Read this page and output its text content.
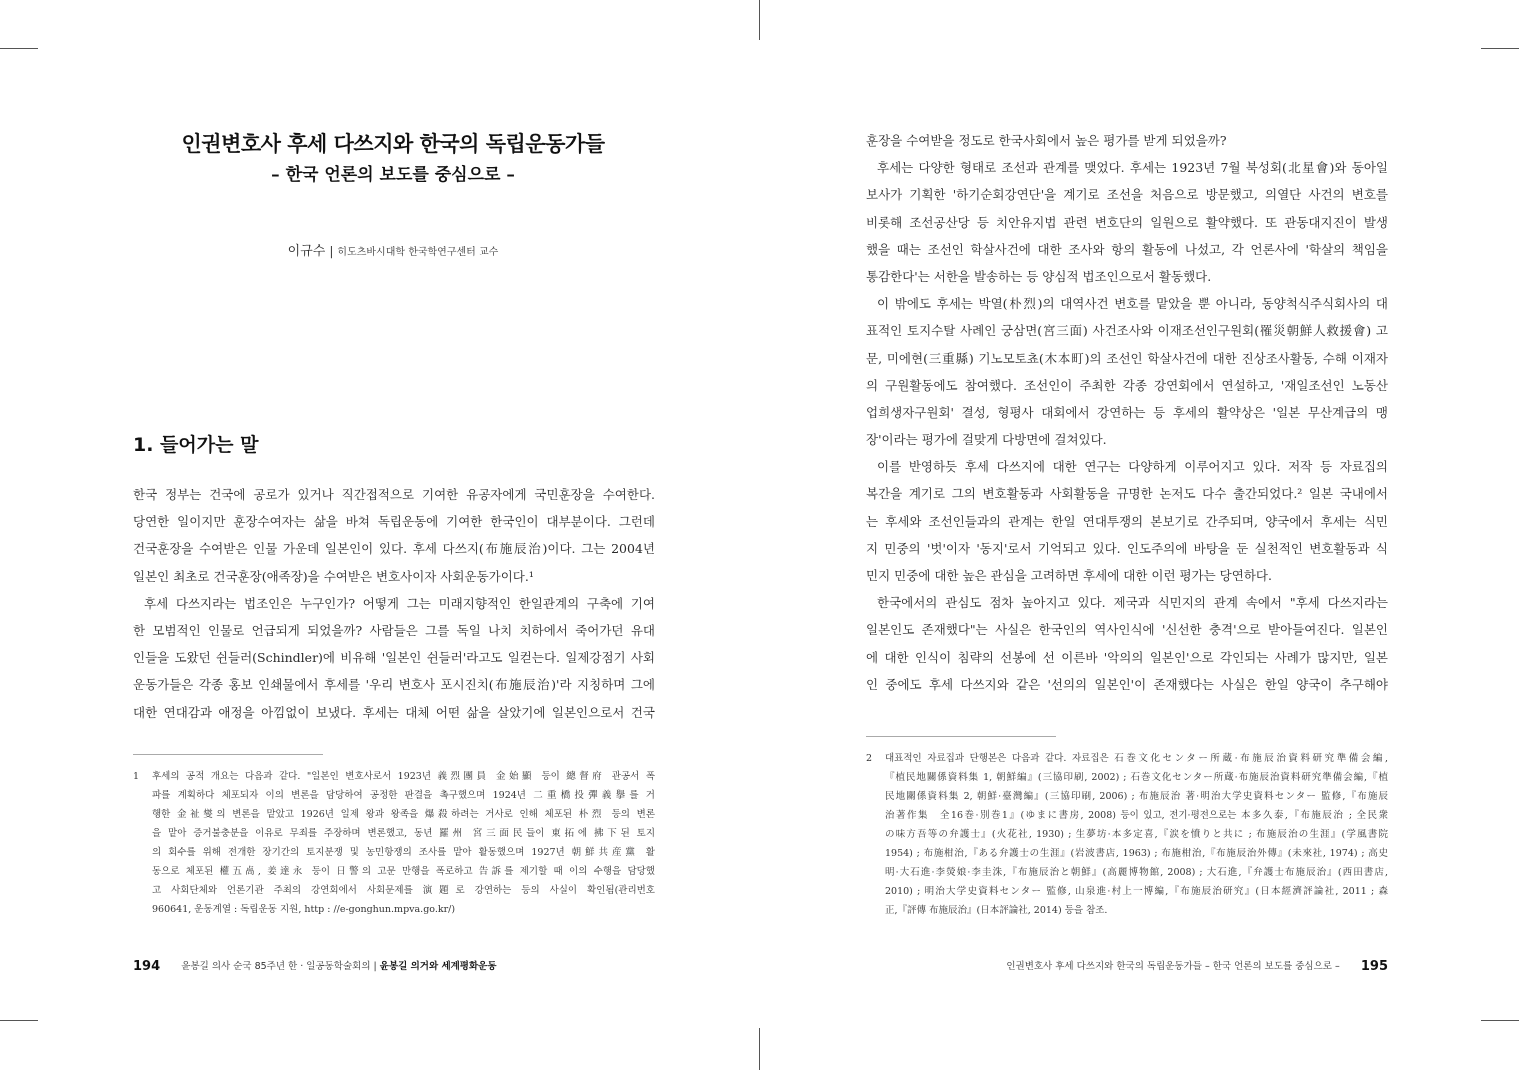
인권변호사 후세 다쓰지와 한국의 독립운동가들
– 한국 언론의 보도를 중심으로 –
이규수 | 히도츠바시대학 한국학연구센터 교수
1. 들어가는 말
한국 정부는 건국에 공로가 있거나 직간접적으로 기여한 유공자에게 국민훈장을 수여한다.
당연한 일이지만 훈장수여자는 삶을 바쳐 독립운동에 기여한 한국인이 대부분이다. 그런데
건국훈장을 수여받은 인물 가운데 일본인이 있다. 후세 다쓰지(布施辰治)이다. 그는 2004년
일본인 최초로 건국훈장(애족장)을 수여받은 변호사이자 사회운동가이다.¹
후세 다쓰지라는 법조인은 누구인가? 어떻게 그는 미래지향적인 한일관계의 구축에 기여
한 모범적인 인물로 언급되게 되었을까? 사람들은 그를 독일 나치 치하에서 죽어가던 유대
인들을 도왔던 쉰들러(Schindler)에 비유해 '일본인 쉰들러'라고도 일컫는다. 일제강점기 사회
운동가들은 각종 홍보 인쇄물에서 후세를 '우리 변호사 포시진치(布施辰治)'라 지칭하며 그에
대한 연대감과 애정을 아낌없이 보냈다. 후세는 대체 어떤 삶을 살았기에 일본인으로서 건국
1 후세의 공적 개요는 다음과 같다. "일본인 변호사로서 1923년 義烈團員 金始顯 등이 總督府 관공서 폭
파를 계획하다 체포되자 이의 변론을 담당하여 공정한 판결을 촉구했으며 1924년 二重橋投彈義擧를 거
행한 金祉燮의 변론을 맡았고 1926년 일제 왕과 왕족을 爆殺하려는 거사로 인해 체포된 朴烈 등의 변론
을 맡아 증거불충분을 이유로 무죄를 주장하며 변론했고, 동년 羅州 宮三面民들이 東拓에 拂下된 토지
의 회수를 위해 전개한 장기간의 토지분쟁 및 농민항쟁의 조사를 맡아 활동했으며 1927년 朝鮮共産黨 활
동으로 체포된 權五卨, 姜達永 등이 日警의 고문 만행을 폭로하고 告訴를 제기할 때 이의 수행을 담당했
고 사회단체와 언론기관 주최의 강연회에서 사회문제를 演題로 강연하는 등의 사실이 확인됨(관리번호
960641, 운동계열 : 독립운동 지원, http : //e-gonghun.mpva.go.kr/)
194 윤봉길 의사 순국 85주년 한 · 일공동학술회의 | 윤봉길 의거와 세계평화운동
훈장을 수여받을 정도로 한국사회에서 높은 평가를 받게 되었을까?
후세는 다양한 형태로 조선과 관계를 맺었다. 후세는 1923년 7월 북성회(北星會)와 동아일
보사가 기획한 '하기순회강연단'을 계기로 조선을 처음으로 방문했고, 의열단 사건의 변호를
비롯해 조선공산당 등 치안유지법 관련 변호단의 일원으로 활약했다. 또 관동대지진이 발생
했을 때는 조선인 학살사건에 대한 조사와 항의 활동에 나섰고, 각 언론사에 '학살의 책임을
통감한다'는 서한을 발송하는 등 양심적 법조인으로서 활동했다.
이 밖에도 후세는 박열(朴烈)의 대역사건 변호를 맡았을 뿐 아니라, 동양척식주식회사의 대
표적인 토지수탈 사례인 궁삼면(宮三面) 사건조사와 이재조선인구원회(罹災朝鮮人救援會) 고
문, 미에현(三重縣) 기노모토쵸(木本町)의 조선인 학살사건에 대한 진상조사활동, 수해 이재자
의 구원활동에도 참여했다. 조선인이 주최한 각종 강연회에서 연설하고, '재일조선인 노동산
업희생자구원회' 결성, 형평사 대회에서 강연하는 등 후세의 활약상은 '일본 무산계급의 맹
장'이라는 평가에 걸맞게 다방면에 걸쳐있다.
이를 반영하듯 후세 다쓰지에 대한 연구는 다양하게 이루어지고 있다. 저작 등 자료집의
복간을 계기로 그의 변호활동과 사회활동을 규명한 논저도 다수 출간되었다.² 일본 국내에서
는 후세와 조선인들과의 관계는 한일 연대투쟁의 본보기로 간주되며, 양국에서 후세는 식민
지 민중의 '벗'이자 '동지'로서 기억되고 있다. 인도주의에 바탕을 둔 실천적인 변호활동과 식
민지 민중에 대한 높은 관심을 고려하면 후세에 대한 이런 평가는 당연하다.
한국에서의 관심도 점차 높아지고 있다. 제국과 식민지의 관계 속에서 "후세 다쓰지라는
일본인도 존재했다"는 사실은 한국인의 역사인식에 '신선한 충격'으로 받아들여진다. 일본인
에 대한 인식이 침략의 선봉에 선 이른바 '악의의 일본인'으로 각인되는 사례가 많지만, 일본
인 중에도 후세 다쓰지와 같은 '선의의 일본인'이 존재했다는 사실은 한일 양국이 추구해야
2 대표적인 자료집과 단행본은 다음과 같다. 자료집은 石巻文化センター所蔵·布施辰治資料研究準備会編,
『植民地關係資料集 1, 朝鮮編』(三協印刷, 2002) ; 石巻文化センター所蔵·布施辰治資料研究準備会編,『植
民地關係資料集 2, 朝鮮·臺灣編』(三協印刷, 2006) ; 布施辰治 著·明治大学史資料センター 監修,『布施辰
治著作集　全16巻·別巻1』(ゆまに書房, 2008) 등이 있고, 전기·평전으로는 本多久泰,『布施辰治 ; 全民衆
の味方吾等の弁護士』(火花社, 1930) ; 生夢坊·本多定喜,『涙を憤りと共に ; 布施辰治の生涯』(学風書院
1954) ; 布施柑治,『ある弁護士の生涯』(岩波書店, 1963) ; 布施柑治,『布施辰治外傳』(未來社, 1974) ; 高史
明·大石進·李熒娘·李圭洙,『布施辰治と朝鮮』(高麗博物館, 2008) ; 大石進,『弁護士布施辰治』(西田書店,
2010) ; 明治大学史資料センター 監修, 山泉進·村上一博編,『布施辰治研究』(日本經濟評論社, 2011 ; 森
正,『評傳 布施辰治』(日本評論社, 2014) 등을 참조.
인권변호사 후세 다쓰지와 한국의 독립운동가들 – 한국 언론의 보도를 중심으로 – 195
